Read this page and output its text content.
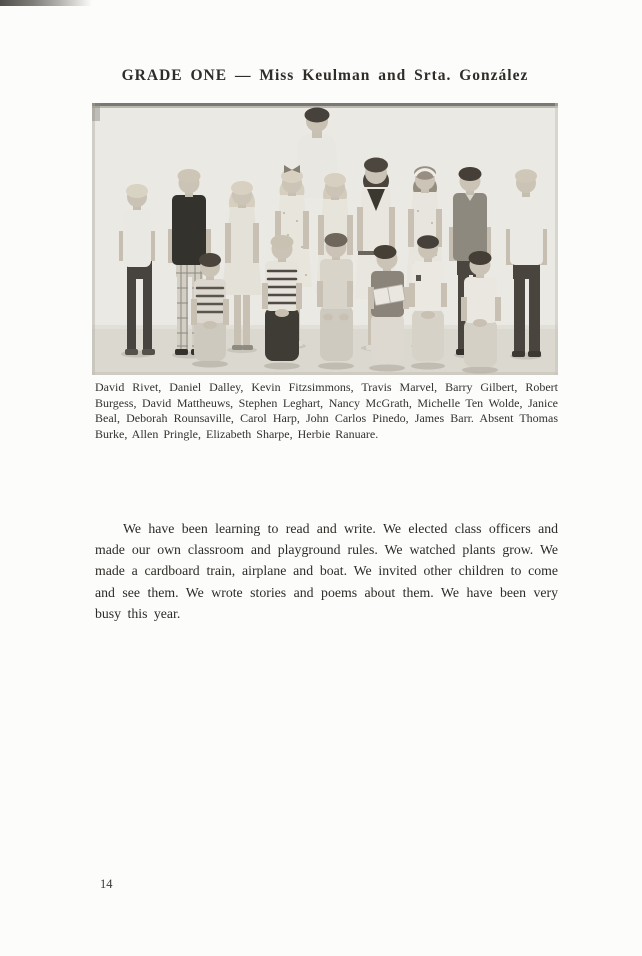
GRADE ONE — Miss Keulman and Srta. González

David Rivet, Daniel Dalley, Kevin Fitzsimmons, Travis Marvel, Barry Gilbert, Robert Burgess, David Mattheuws, Stephen Leghart, Nancy McGrath, Michelle Ten Wolde, Janice Beal, Deborah Rounsaville, Carol Harp, John Carlos Pinedo, James Barr. Absent Thomas Burke, Allen Pringle, Elizabeth Sharpe, Herbie Ranuare.

We have been learning to read and write. We elected class officers and made our own classroom and playground rules. We watched plants grow. We made a cardboard train, airplane and boat. We invited other children to come and see them. We wrote stories and poems about them. We have been very busy this year.

14
